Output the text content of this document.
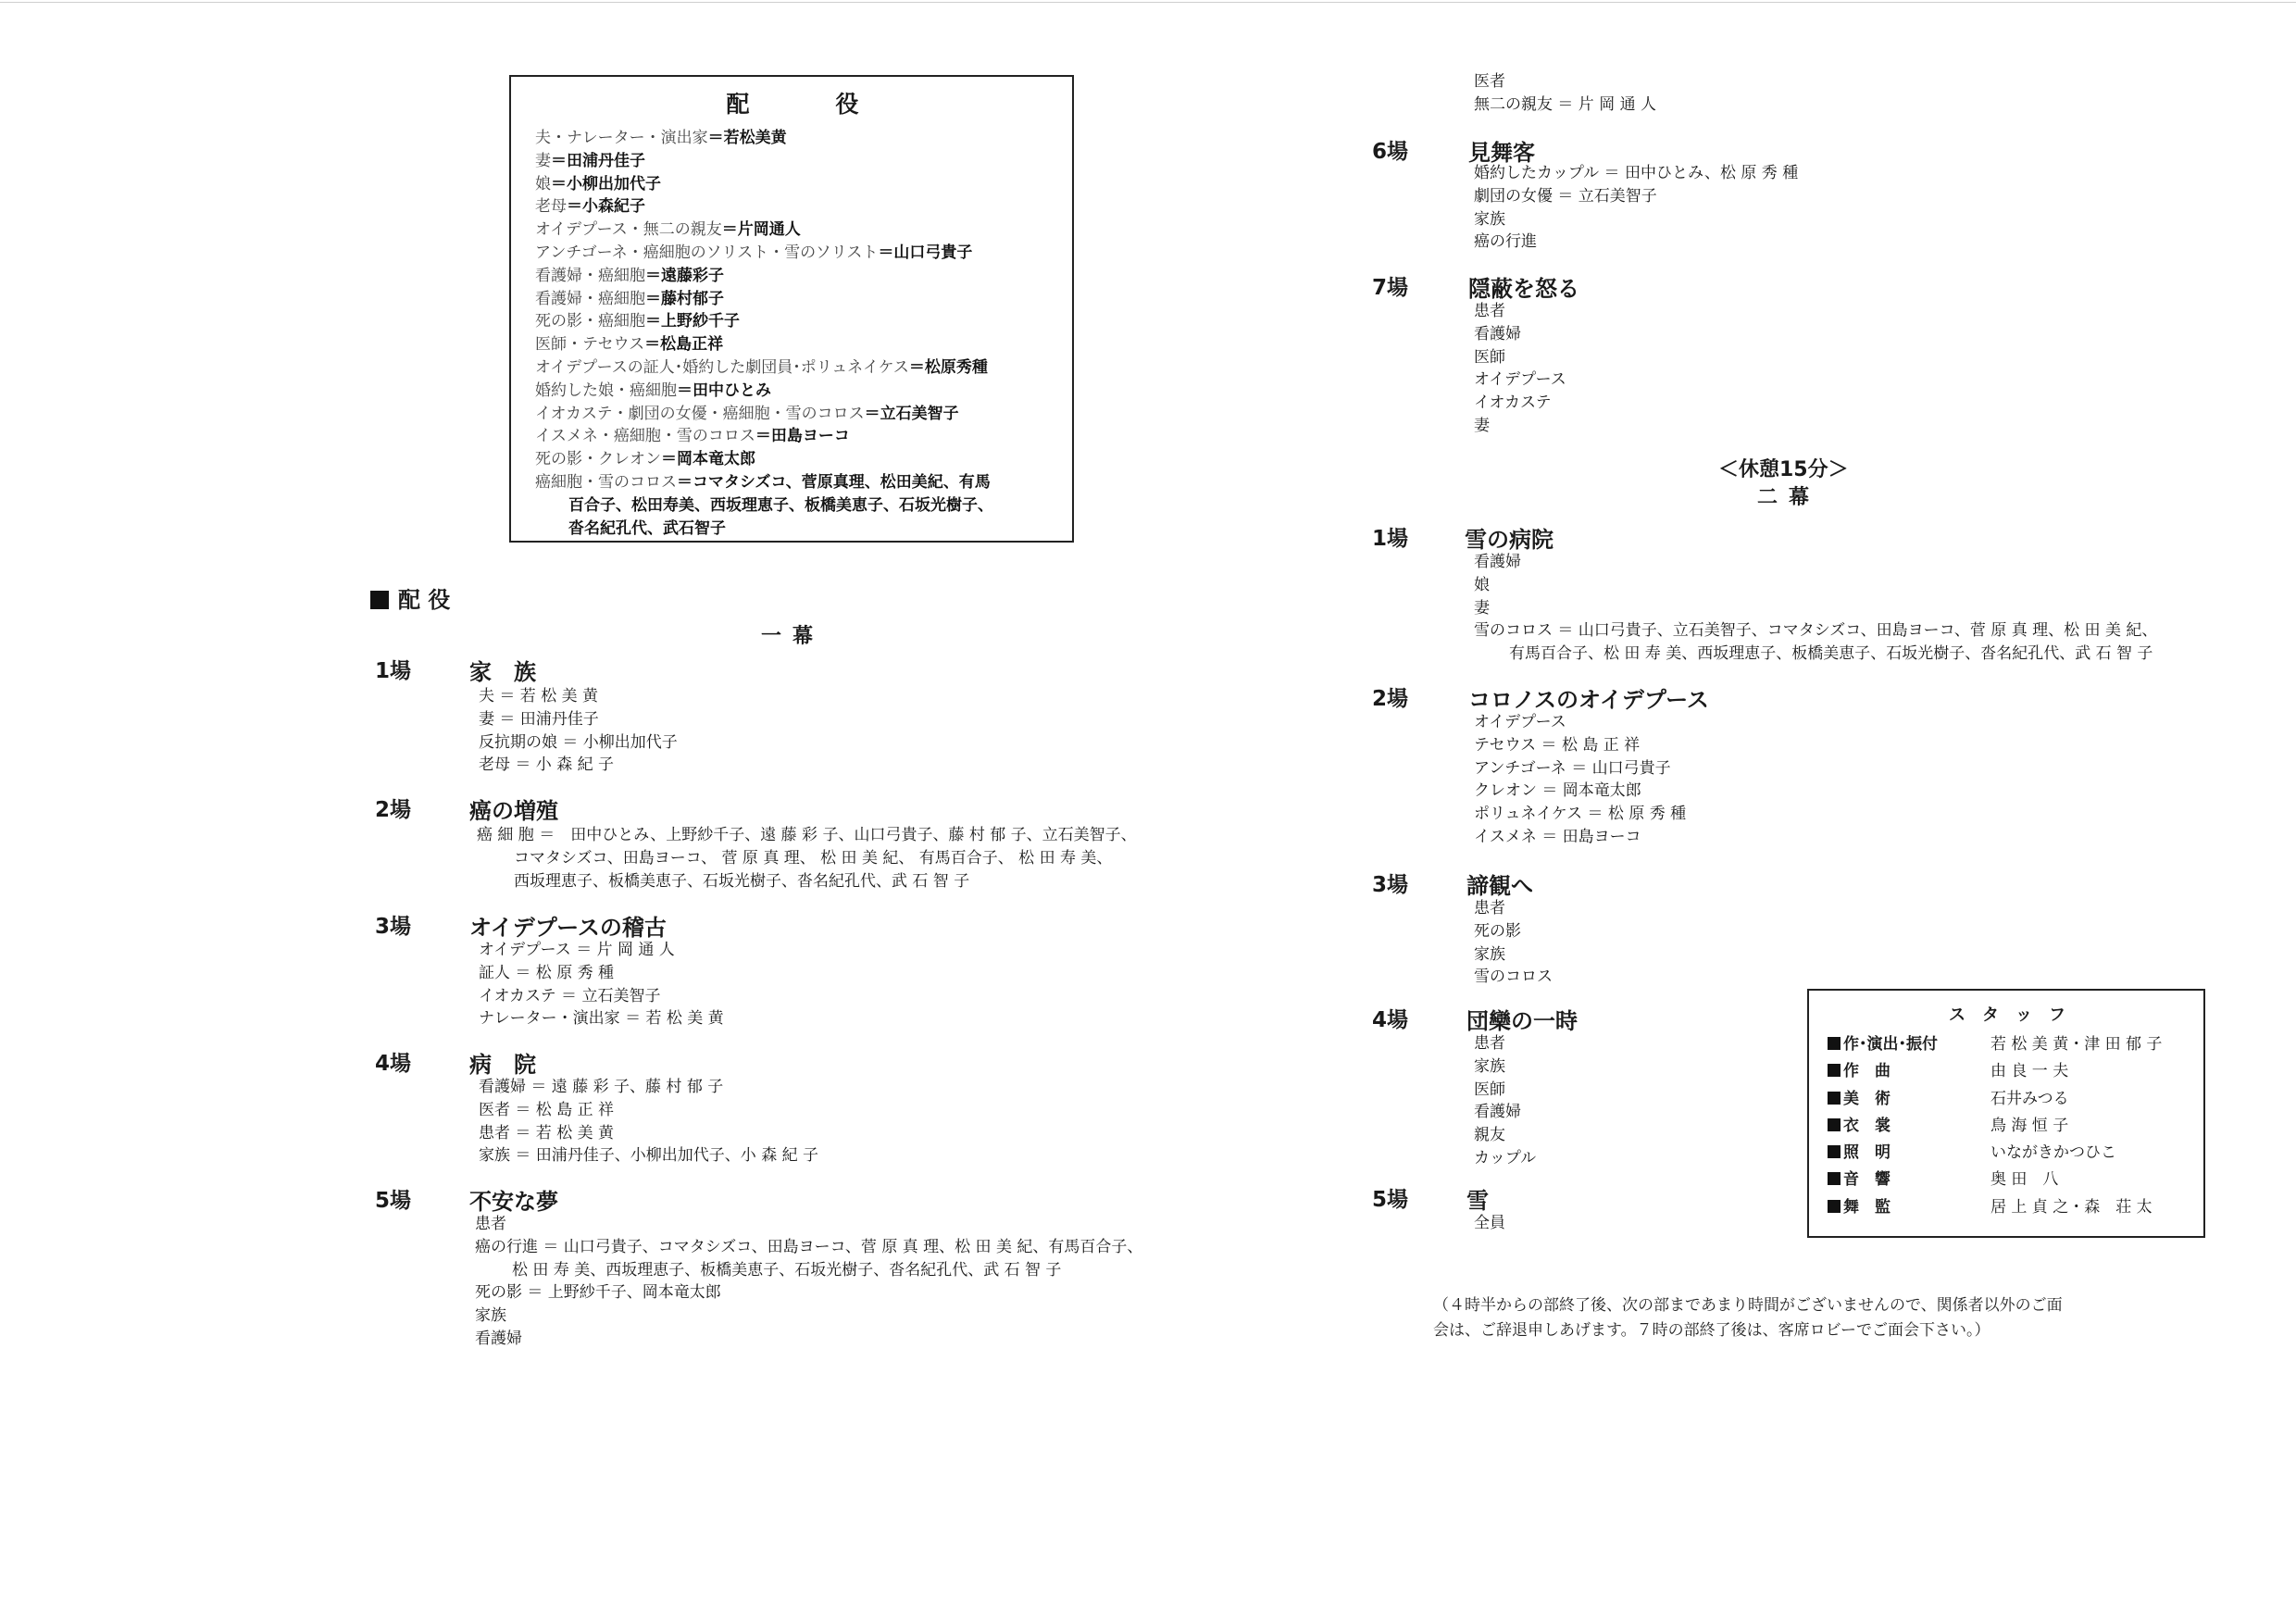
配　役
夫・ナレーター・演出家＝若松美黄
妻＝田浦丹佳子
娘＝小柳出加代子
老母＝小森紀子
オイデプース・無二の親友＝片岡通人
アンチゴーネ・癌細胞のソリスト・雪のソリスト＝山口弓貴子
看護婦・癌細胞＝遠藤彩子
看護婦・癌細胞＝藤村郁子
死の影・癌細胞＝上野紗千子
医師・テセウス＝松島正祥
オイデプースの証人･婚約した劇団員･ポリュネイケス＝松原秀種
婚約した娘・癌細胞＝田中ひとみ
イオカステ・劇団の女優・癌細胞・雪のコロス＝立石美智子
イスメネ・癌細胞・雪のコロス＝田島ヨーコ
死の影・クレオン＝岡本竜太郎
癌細胞・雪のコロス＝コマタシズコ、菅原真理、松田美紀、有馬
百合子、松田寿美、西坂理恵子、板橋美恵子、石坂光樹子、
沓名紀孔代、武石智子
配 役
一幕
1場	家　族
夫 ＝ 若 松 美 黄
妻 ＝ 田浦丹佳子
反抗期の娘 ＝ 小柳出加代子
老母 ＝ 小 森 紀 子
2場	癌の増殖
癌 細 胞 ＝　田中ひとみ、上野紗千子、遠 藤 彩 子、山口弓貴子、藤 村 郁 子、立石美智子、
コマタシズコ、田島ヨーコ、 菅 原 真 理、 松 田 美 紀、 有馬百合子、 松 田 寿 美、
西坂理恵子、板橋美恵子、石坂光樹子、沓名紀孔代、武 石 智 子
3場	オイデプースの稽古
オイデプース ＝ 片 岡 通 人
証人 ＝ 松 原 秀 種
イオカステ ＝ 立石美智子
ナレーター・演出家 ＝ 若 松 美 黄
4場	病　院
看護婦 ＝ 遠 藤 彩 子、藤 村 郁 子
医者 ＝ 松 島 正 祥
患者 ＝ 若 松 美 黄
家族 ＝ 田浦丹佳子、小柳出加代子、小 森 紀 子
5場	不安な夢
患者
癌の行進 ＝ 山口弓貴子、コマタシズコ、田島ヨーコ、菅 原 真 理、松 田 美 紀、有馬百合子、
松 田 寿 美、西坂理恵子、板橋美恵子、石坂光樹子、沓名紀孔代、武 石 智 子
死の影 ＝ 上野紗千子、岡本竜太郎
家族
看護婦
医者
無二の親友 ＝ 片 岡 通 人
6場	見舞客
婚約したカップル ＝ 田中ひとみ、松 原 秀 種
劇団の女優 ＝ 立石美智子
家族
癌の行進
7場	隠蔽を怒る
患者
看護婦
医師
オイデプース
イオカステ
妻
＜休憩15分＞
二幕
1場	雪の病院
看護婦
娘
妻
雪のコロス ＝ 山口弓貴子、立石美智子、コマタシズコ、田島ヨーコ、菅 原 真 理、松 田 美 紀、
有馬百合子、松 田 寿 美、西坂理恵子、板橋美恵子、石坂光樹子、沓名紀孔代、武 石 智 子
2場	コロノスのオイデプース
オイデプース
テセウス ＝ 松 島 正 祥
アンチゴーネ ＝ 山口弓貴子
クレオン ＝ 岡本竜太郎
ポリュネイケス ＝ 松 原 秀 種
イスメネ ＝ 田島ヨーコ
3場	諦観へ
患者
死の影
家族
雪のコロス
4場	団欒の一時
患者
家族
医師
看護婦
親友
カップル
5場	雪
全員
スタッフ
作･演出･振付	若 松 美 黄・津 田 郁 子
作　曲	由 良 一 夫
美　術	石井みつる
衣　裳	鳥 海 恒 子
照　明	いながきかつひこ
音　響	奥 田　八
舞　監	居 上 貞 之・森　荘 太
（４時半からの部終了後、次の部まであまり時間がございませんので、関係者以外のご面
会は、ご辞退申しあげます。７時の部終了後は、客席ロビーでご面会下さい。）
